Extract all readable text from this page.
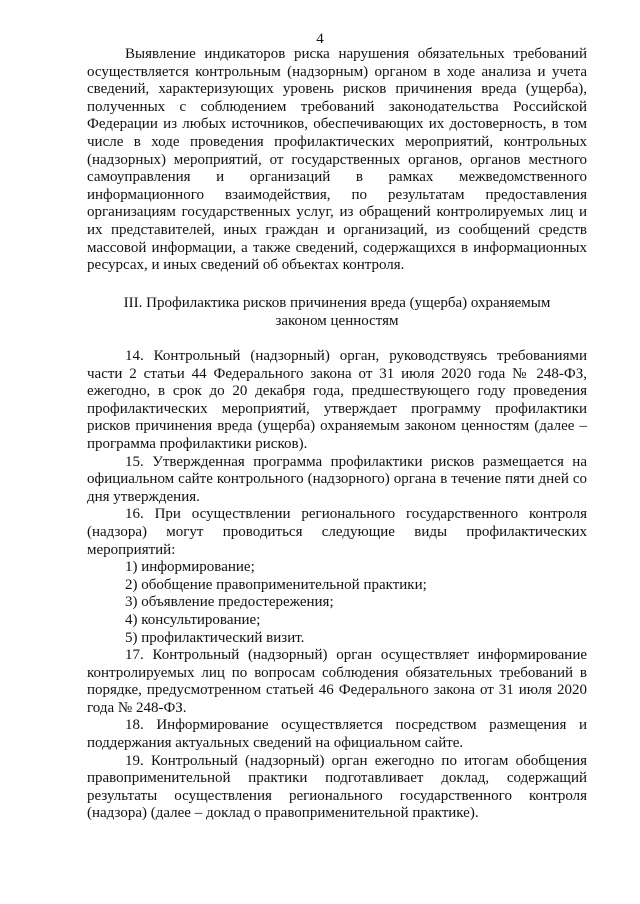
4

Выявление индикаторов риска нарушения обязательных требований осуществляется контрольным (надзорным) органом в ходе анализа и учета сведений, характеризующих уровень рисков причинения вреда (ущерба), полученных с соблюдением требований законодательства Российской Федерации из любых источников, обеспечивающих их достоверность, в том числе в ходе проведения профилактических мероприятий, контрольных (надзорных) мероприятий, от государственных органов, органов местного самоуправления и организаций в рамках межведомственного информационного взаимодействия, по результатам предоставления организациям государственных услуг, из обращений контролируемых лиц и их представителей, иных граждан и организаций, из сообщений средств массовой информации, а также сведений, содержащихся в информационных ресурсах, и иных сведений об объектах контроля.

III. Профилактика рисков причинения вреда (ущерба) охраняемым
законом ценностям

14. Контрольный (надзорный) орган, руководствуясь требованиями части 2 статьи 44 Федерального закона от 31 июля 2020 года № 248-ФЗ, ежегодно, в срок до 20 декабря года, предшествующего году проведения профилактических мероприятий, утверждает программу профилактики рисков причинения вреда (ущерба) охраняемым законом ценностям (далее – программа профилактики рисков).

15. Утвержденная программа профилактики рисков размещается на официальном сайте контрольного (надзорного) органа в течение пяти дней со дня утверждения.

16. При осуществлении регионального государственного контроля (надзора) могут проводиться следующие виды профилактических мероприятий:

1) информирование;

2) обобщение правоприменительной практики;

3) объявление предостережения;

4) консультирование;

5) профилактический визит.

17. Контрольный (надзорный) орган осуществляет информирование контролируемых лиц по вопросам соблюдения обязательных требований в порядке, предусмотренном статьей 46 Федерального закона от 31 июля 2020 года № 248-ФЗ.

18. Информирование осуществляется посредством размещения и поддержания актуальных сведений на официальном сайте.

19. Контрольный (надзорный) орган ежегодно по итогам обобщения правоприменительной практики подготавливает доклад, содержащий результаты осуществления регионального государственного контроля (надзора) (далее – доклад о правоприменительной практике).
